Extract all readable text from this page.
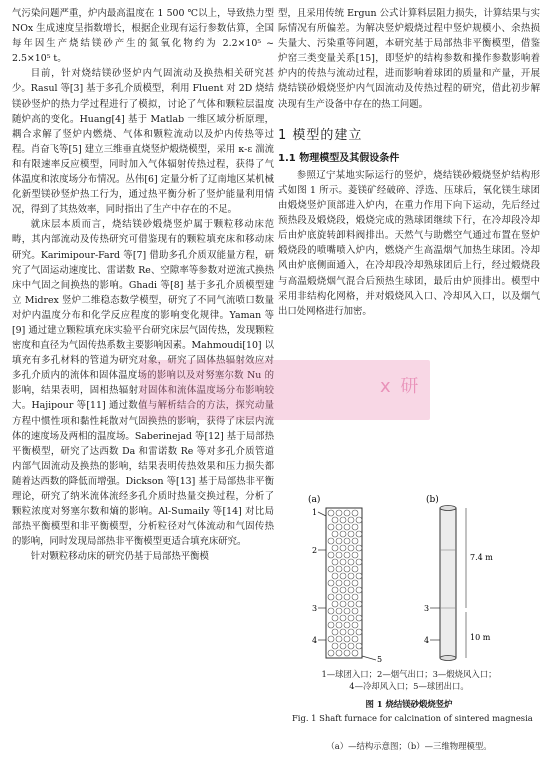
气污染问题严重，炉内最高温度在 1 500 ℃以上，导致热力型 NOx 生成速度呈指数增长，根据企业现有运行参数估算，全国每年因生产烧结镁砂产生的氮氧化物约为 2.2×10⁵ ~ 2.5×10⁵ t。

目前，针对烧结镁砂竖炉内气固流动及换热相关研究甚少。Rasul 等[3] 基于多孔介质模型，利用 Fluent 对 2D 烧结镁砂竖炉的热力学过程进行了模拟，讨论了气体和颗粒层温度随炉高的变化。Huang[4] 基于 Matlab 一维区域分析原理，耦合求解了竖炉内燃烧、气体和颗粒流动以及炉内传热等过程。肖奋飞等[5] 建立三维垂直烧竖炉煅烧模型，采用 κ-ε 湍流和有限速率反应模型，同时加入气体辐射传热过程，获得了气体温度和浓度场分布情况。丛伟[6] 定量分析了辽南地区某机械化新型镁砂竖炉热工行为，通过热平衡分析了竖炉能量利用情况，得到了其热效率，同时指出了生产中存在的不足。

就床层本质而言，烧结镁砂煅烧竖炉属于颗粒移动床范畴，其内部流动及传热研究可借鉴现有的颗粒填充床和移动床研究。Karimipour-Fard 等[7] 借助多孔介质双能量方程，研究了气固运动速度比、雷诺数 Re、空隙率等参数对逆流式换热床中气固之间换热的影响。Ghadi 等[8] 基于多孔介质模型建立 Midrex 竖炉二维稳态数学模型，研究了不同气流喷口数量对炉内温度分布和化学反应程度的影响变化规律。Yaman 等[9] 通过建立颗粒填充床实验平台研究床层气固传热，发现颗粒密度和直径为气固传热系数主要影响因素。Mahmoudi[10] 以填充有多孔材料的管道为研究对象，研究了固体热辐射效应对多孔介质内的流体和固体温度场的影响以及对努塞尔数 Nu 的影响，结果表明，固相热辐射对固体和流体温度场分布影响较大。Hajipour 等[11] 通过数值与解析结合的方法，探究动量方程中惯性项和黏性耗散对气固换热的影响，获得了床层内流体的速度场及两相的温度场。Saberinejad 等[12] 基于局部热平衡模型，研究了达西数 Da 和雷诺数 Re 等对多孔介质管道内部气固流动及换热的影响，结果表明传热效果和压力损失都随着达西数的降低而增强。Dickson 等[13] 基于局部热非平衡理论，研究了纳米流体流经多孔介质时热量交换过程，分析了颗粒浓度对努塞尔数和熵的影响。Al-Sumaily 等[14] 对比局部热平衡模型和非平衡模型，分析粒径对气体流动和气固传热的影响，同时发现局部热非平衡模型更适合填充床研究。

针对颗粒移动床的研究仍基于局部热平衡模

型，且采用传统 Ergun 公式计算料层阻力损失，计算结果与实际情况有所偏差。为解决竖炉煅烧过程中竖炉规模小、余热损失量大、污染重等问题，本研究基于局部热非平衡模型，借鉴炉窑三类变量关系[15]，即竖炉的结构参数和操作参数影响着炉内的传热与流动过程，进而影响着球团的质量和产量，开展烧结镁砂煅烧竖炉内气固流动及传热过程的研究，借此初步解决现有生产设备中存在的热工问题。

1 模型的建立
1.1 物理模型及其假设条件

参照辽宁某地实际运行的竖炉，烧结镁砂煅烧竖炉结构形式如图 1 所示。菱镁矿经破碎、浮选、压球后，氧化镁生球团由煅烧竖炉顶部进入炉内，在重力作用下向下运动，先后经过预热段及煅烧段，煅烧完成的熟球团继续下行，在冷却段冷却后由炉底旋转卸料阀排出。天然气与助燃空气通过布置在竖炉煅烧段的喷嘴喷入炉内，燃烧产生高温烟气加热生球团。冷却风由炉底侧面通入，在冷却段冷却熟球团后上行，经过煅烧段与高温煅烧烟气混合后预热生球团，最后由炉顶排出。模型中采用非结构化网格，并对煅烧风入口、冷却风入口，以及烟气出口处网格进行加密。

x 研
(a)	(b)
1
2
3
4
5
3
4
7.4 m
10 m
1—球团入口；2—烟气出口；3—煅烧风入口；
4—冷却风入口；5—球团出口。
图 1 烧结镁砂煅烧竖炉
Fig. 1 Shaft furnace for calcination of sintered magnesia
（a）—结构示意图；（b）—三维物理模型。
